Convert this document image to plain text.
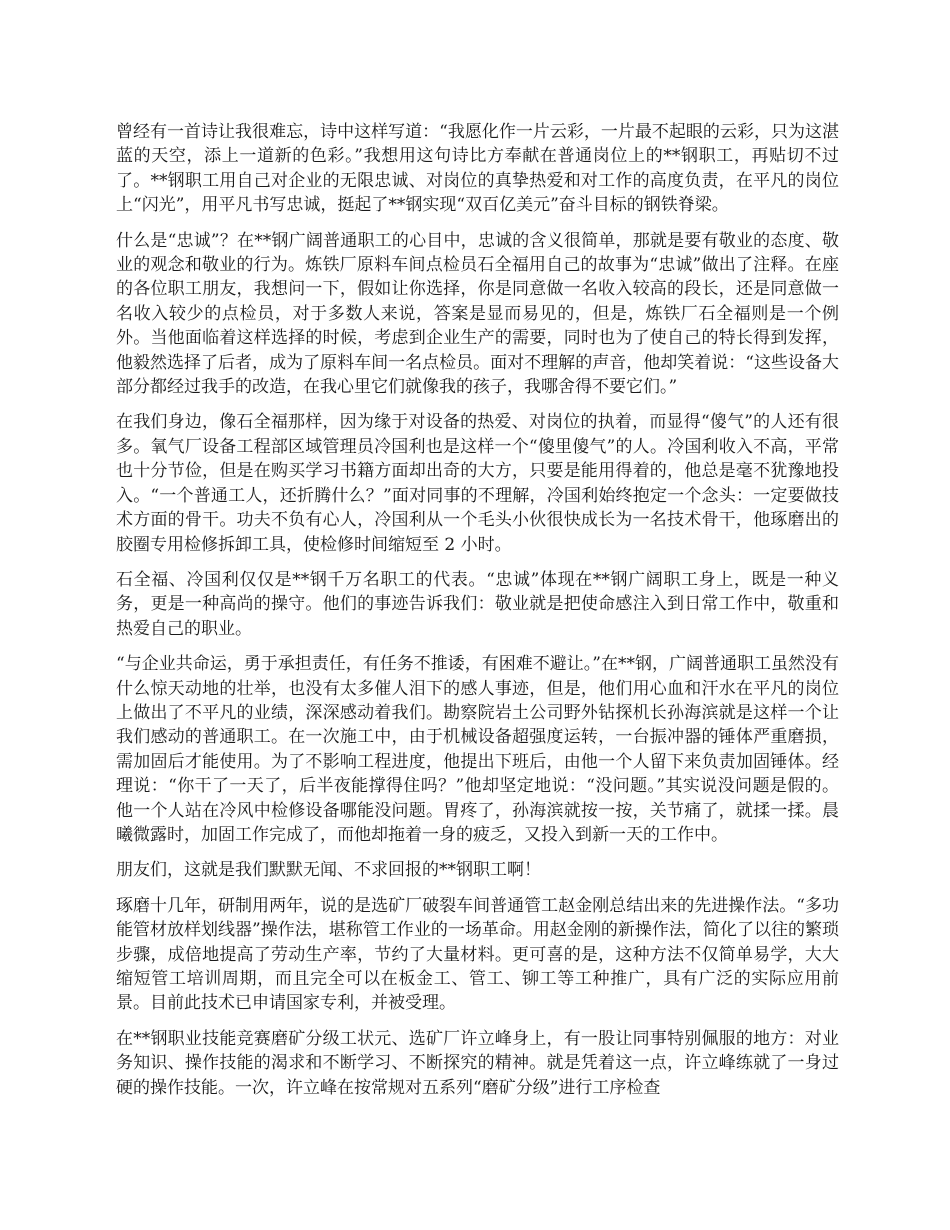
曾经有一首诗让我很难忘，诗中这样写道：“我愿化作一片云彩，一片最不起眼的云彩，只为这湛蓝的天空，添上一道新的色彩。”我想用这句诗比方奉献在普通岗位上的**钢职工，再贴切不过了。**钢职工用自己对企业的无限忠诚、对岗位的真挚热爱和对工作的高度负责，在平凡的岗位上“闪光”，用平凡书写忠诚，挺起了**钢实现“双百亿美元”奋斗目标的钢铁脊梁。

什么是“忠诚”？在**钢广阔普通职工的心目中，忠诚的含义很简单，那就是要有敬业的态度、敬业的观念和敬业的行为。炼铁厂原料车间点检员石全福用自己的故事为“忠诚”做出了注释。在座的各位职工朋友，我想问一下，假如让你选择，你是同意做一名收入较高的段长，还是同意做一名收入较少的点检员，对于多数人来说，答案是显而易见的，但是，炼铁厂石全福则是一个例外。当他面临着这样选择的时候，考虑到企业生产的需要，同时也为了使自己的特长得到发挥，他毅然选择了后者，成为了原料车间一名点检员。面对不理解的声音，他却笑着说：“这些设备大部分都经过我手的改造，在我心里它们就像我的孩子，我哪舍得不要它们。”

在我们身边，像石全福那样，因为缘于对设备的热爱、对岗位的执着，而显得“傻气”的人还有很多。氧气厂设备工程部区域管理员冷国利也是这样一个“傻里傻气”的人。冷国利收入不高，平常也十分节俭，但是在购买学习书籍方面却出奇的大方，只要是能用得着的，他总是毫不犹豫地投入。“一个普通工人，还折腾什么？”面对同事的不理解，冷国利始终抱定一个念头：一定要做技术方面的骨干。功夫不负有心人，冷国利从一个毛头小伙很快成长为一名技术骨干，他琢磨出的胶圈专用检修拆卸工具，使检修时间缩短至 2 小时。

石全福、冷国利仅仅是**钢千万名职工的代表。“忠诚”体现在**钢广阔职工身上，既是一种义务，更是一种高尚的操守。他们的事迹告诉我们：敬业就是把使命感注入到日常工作中，敬重和热爱自己的职业。

“与企业共命运，勇于承担责任，有任务不推诿，有困难不避让。”在**钢，广阔普通职工虽然没有什么惊天动地的壮举，也没有太多催人泪下的感人事迹，但是，他们用心血和汗水在平凡的岗位上做出了不平凡的业绩，深深感动着我们。勘察院岩土公司野外钻探机长孙海滨就是这样一个让我们感动的普通职工。在一次施工中，由于机械设备超强度运转，一台振冲器的锤体严重磨损，需加固后才能使用。为了不影响工程进度，他提出下班后，由他一个人留下来负责加固锤体。经理说：“你干了一天了，后半夜能撑得住吗？”他却坚定地说：“没问题。”其实说没问题是假的。他一个人站在冷风中检修设备哪能没问题。胃疼了，孙海滨就按一按，关节痛了，就揉一揉。晨曦微露时，加固工作完成了，而他却拖着一身的疲乏，又投入到新一天的工作中。

朋友们，这就是我们默默无闻、不求回报的**钢职工啊！

琢磨十几年，研制用两年，说的是选矿厂破裂车间普通管工赵金刚总结出来的先进操作法。“多功能管材放样划线器”操作法，堪称管工作业的一场革命。用赵金刚的新操作法，简化了以往的繁琐步骤，成倍地提高了劳动生产率，节约了大量材料。更可喜的是，这种方法不仅简单易学，大大缩短管工培训周期，而且完全可以在板金工、管工、铆工等工种推广，具有广泛的实际应用前景。目前此技术已申请国家专利，并被受理。

在**钢职业技能竞赛磨矿分级工状元、选矿厂许立峰身上，有一股让同事特别佩服的地方：对业务知识、操作技能的渴求和不断学习、不断探究的精神。就是凭着这一点，许立峰练就了一身过硬的操作技能。一次，许立峰在按常规对五系列“磨矿分级”进行工序检查
